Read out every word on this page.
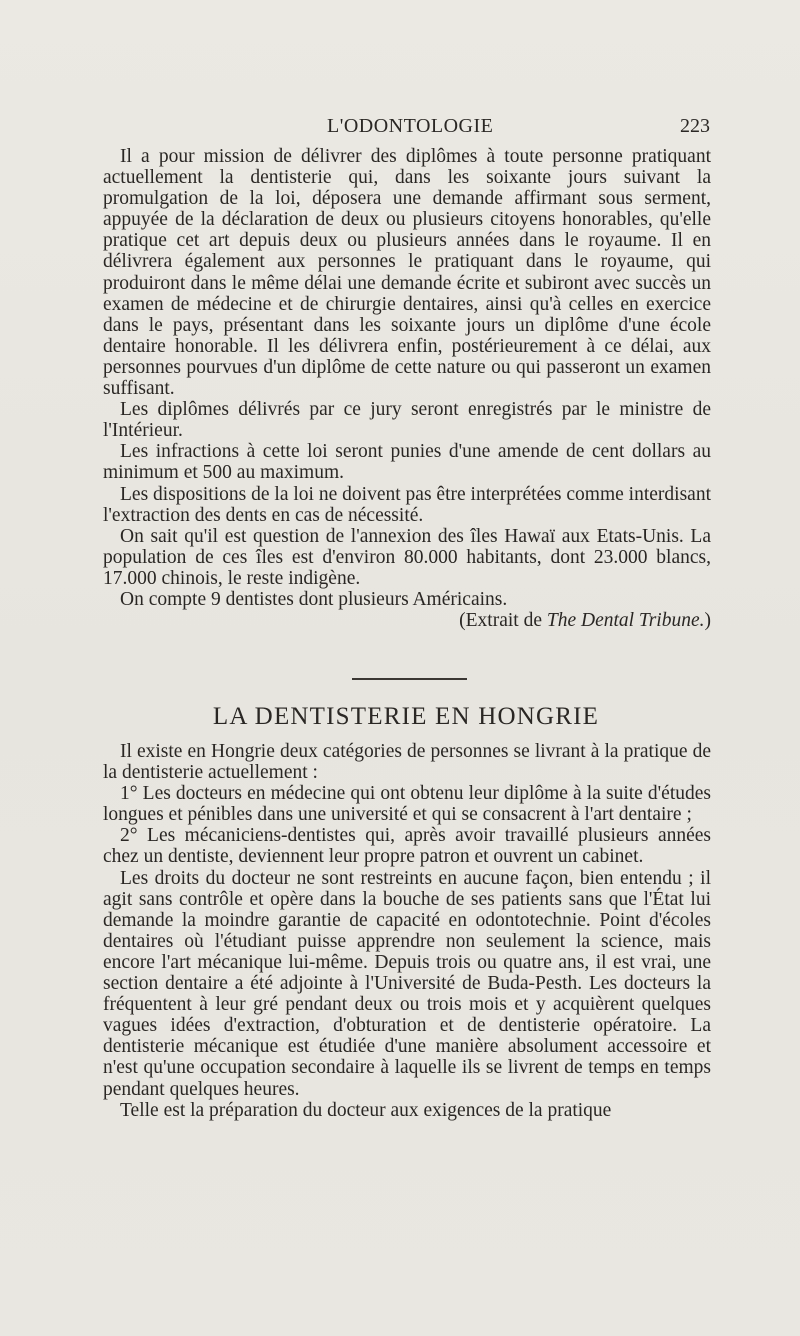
L'ODONTOLOGIE	223

Il a pour mission de délivrer des diplômes à toute personne pratiquant actuellement la dentisterie qui, dans les soixante jours suivant la promulgation de la loi, déposera une demande affirmant sous serment, appuyée de la déclaration de deux ou plusieurs citoyens honorables, qu'elle pratique cet art depuis deux ou plusieurs années dans le royaume. Il en délivrera également aux personnes le pratiquant dans le royaume, qui produiront dans le même délai une demande écrite et subiront avec succès un examen de médecine et de chirurgie dentaires, ainsi qu'à celles en exercice dans le pays, présentant dans les soixante jours un diplôme d'une école dentaire honorable. Il les délivrera enfin, postérieurement à ce délai, aux personnes pourvues d'un diplôme de cette nature ou qui passeront un examen suffisant.

Les diplômes délivrés par ce jury seront enregistrés par le ministre de l'Intérieur.

Les infractions à cette loi seront punies d'une amende de cent dollars au minimum et 500 au maximum.

Les dispositions de la loi ne doivent pas être interprétées comme interdisant l'extraction des dents en cas de nécessité.

On sait qu'il est question de l'annexion des îles Hawaï aux Etats-Unis. La population de ces îles est d'environ 80.000 habitants, dont 23.000 blancs, 17.000 chinois, le reste indigène.

On compte 9 dentistes dont plusieurs Américains.

(Extrait de The Dental Tribune.)

LA DENTISTERIE EN HONGRIE

Il existe en Hongrie deux catégories de personnes se livrant à la pratique de la dentisterie actuellement :

1° Les docteurs en médecine qui ont obtenu leur diplôme à la suite d'études longues et pénibles dans une université et qui se consacrent à l'art dentaire ;

2° Les mécaniciens-dentistes qui, après avoir travaillé plusieurs années chez un dentiste, deviennent leur propre patron et ouvrent un cabinet.

Les droits du docteur ne sont restreints en aucune façon, bien entendu ; il agit sans contrôle et opère dans la bouche de ses patients sans que l'État lui demande la moindre garantie de capacité en odontotechnie. Point d'écoles dentaires où l'étudiant puisse apprendre non seulement la science, mais encore l'art mécanique lui-même. Depuis trois ou quatre ans, il est vrai, une section dentaire a été adjointe à l'Université de Buda-Pesth. Les docteurs la fréquentent à leur gré pendant deux ou trois mois et y acquièrent quelques vagues idées d'extraction, d'obturation et de dentisterie opératoire. La dentisterie mécanique est étudiée d'une manière absolument accessoire et n'est qu'une occupation secondaire à laquelle ils se livrent de temps en temps pendant quelques heures.

Telle est la préparation du docteur aux exigences de la pratique
